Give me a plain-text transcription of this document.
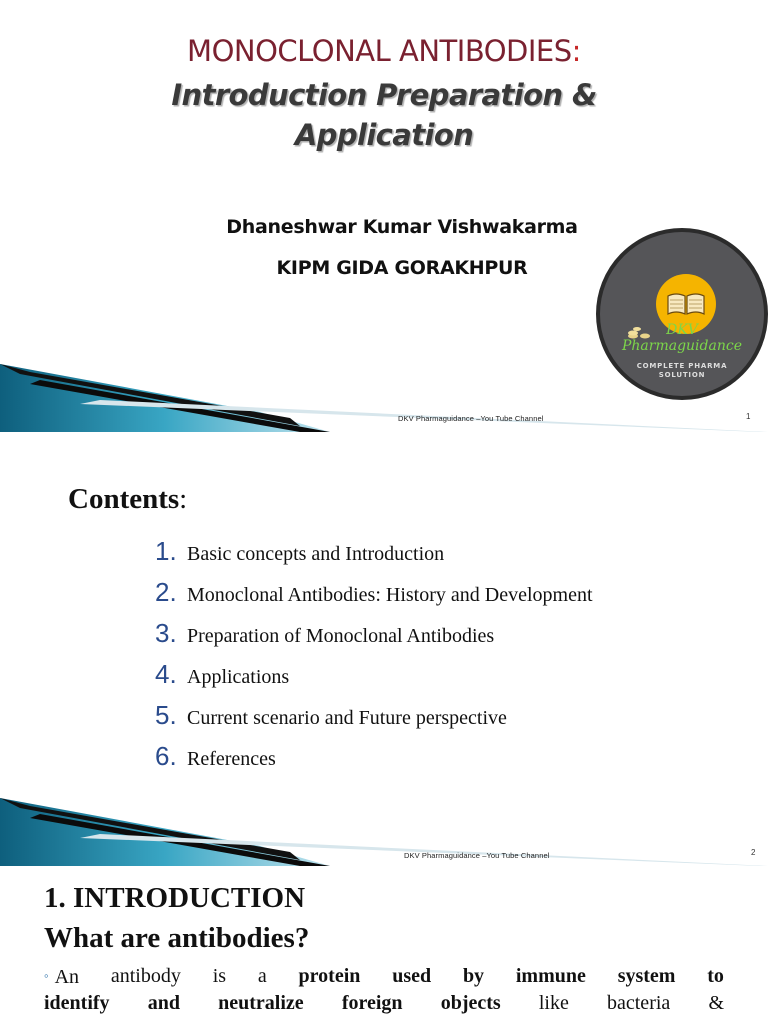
MONOCLONAL ANTIBODIES:
Introduction Preparation &
Application
Dhaneshwar Kumar Vishwakarma
KIPM GIDA GORAKHPUR
DKV
Pharmaguidance
COMPLETE PHARMA
SOLUTION
DKV Pharmaguidance –You Tube Channel	1
Contents:
1. Basic concepts and Introduction
2. Monoclonal Antibodies: History and Development
3. Preparation of Monoclonal Antibodies
4. Applications
5. Current scenario and Future perspective
6. References
DKV Pharmaguidance –You Tube Channel	2
1. INTRODUCTION
What are antibodies?
◦ An antibody is a protein used by immune system to
identify and neutralize foreign objects like bacteria &
